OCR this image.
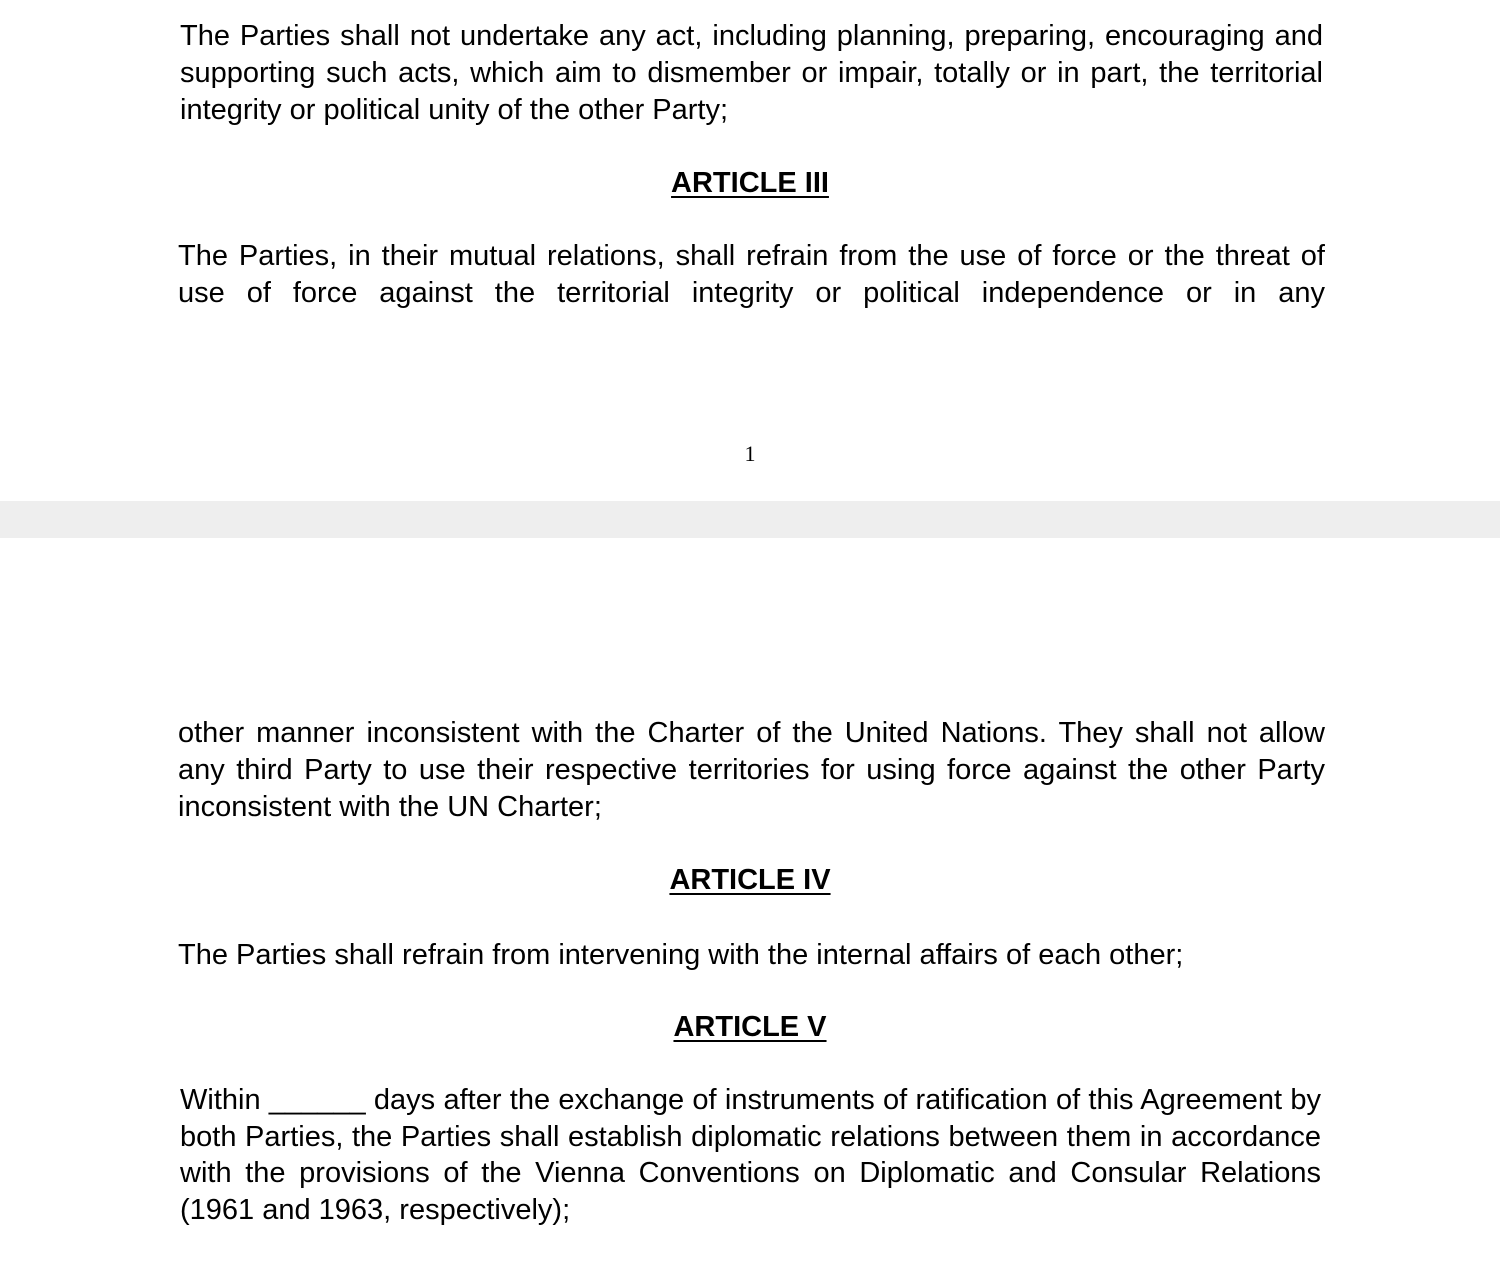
The Parties shall not undertake any act, including planning, preparing, encouraging and supporting such acts, which aim to dismember or impair, totally or in part, the territorial integrity or political unity of the other Party;

ARTICLE III

The Parties, in their mutual relations, shall refrain from the use of force or the threat of use of force against the territorial integrity or political independence or in any

1

other manner inconsistent with the Charter of the United Nations. They shall not allow any third Party to use their respective territories for using force against the other Party inconsistent with the UN Charter;

ARTICLE IV

The Parties shall refrain from intervening with the internal affairs of each other;

ARTICLE V

Within ______ days after the exchange of instruments of ratification of this Agreement by both Parties, the Parties shall establish diplomatic relations between them in accordance with the provisions of the Vienna Conventions on Diplomatic and Consular Relations (1961 and 1963, respectively);
